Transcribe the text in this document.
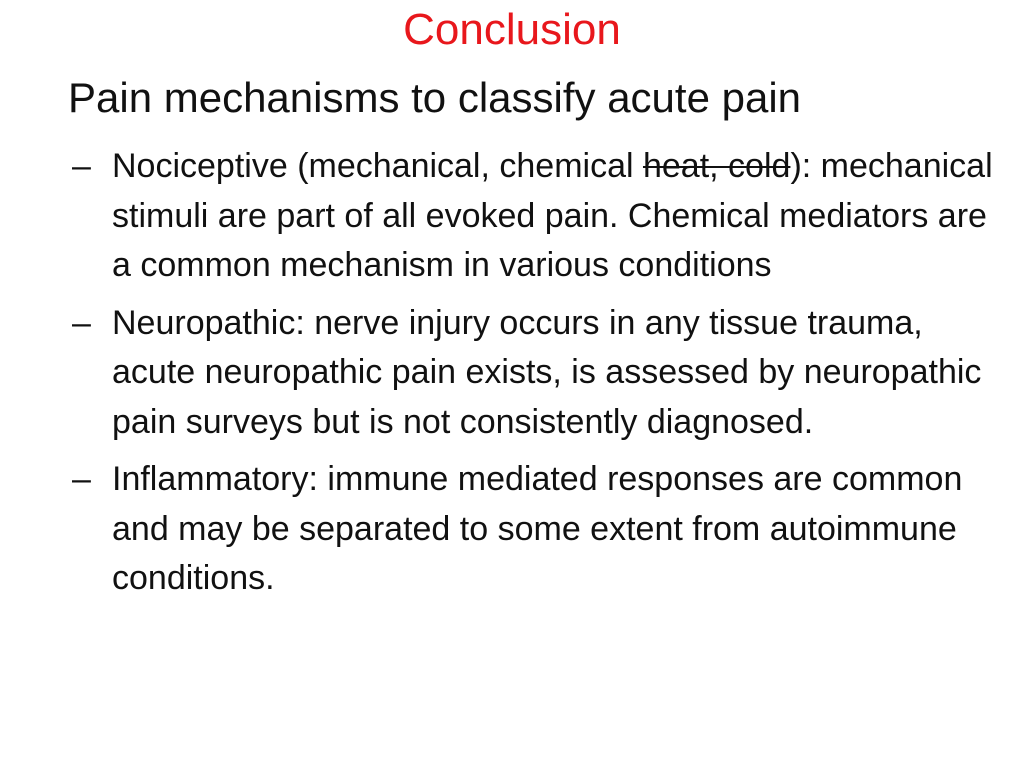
Conclusion
Pain mechanisms to classify acute pain
– Nociceptive (mechanical, chemical heat, cold): mechanical stimuli are part of all evoked pain. Chemical mediators are a common mechanism in various conditions
– Neuropathic: nerve injury occurs in any tissue trauma, acute neuropathic pain exists, is assessed by neuropathic pain surveys but is not consistently diagnosed.
– Inflammatory: immune mediated responses are common and may be separated to some extent from autoimmune conditions.
